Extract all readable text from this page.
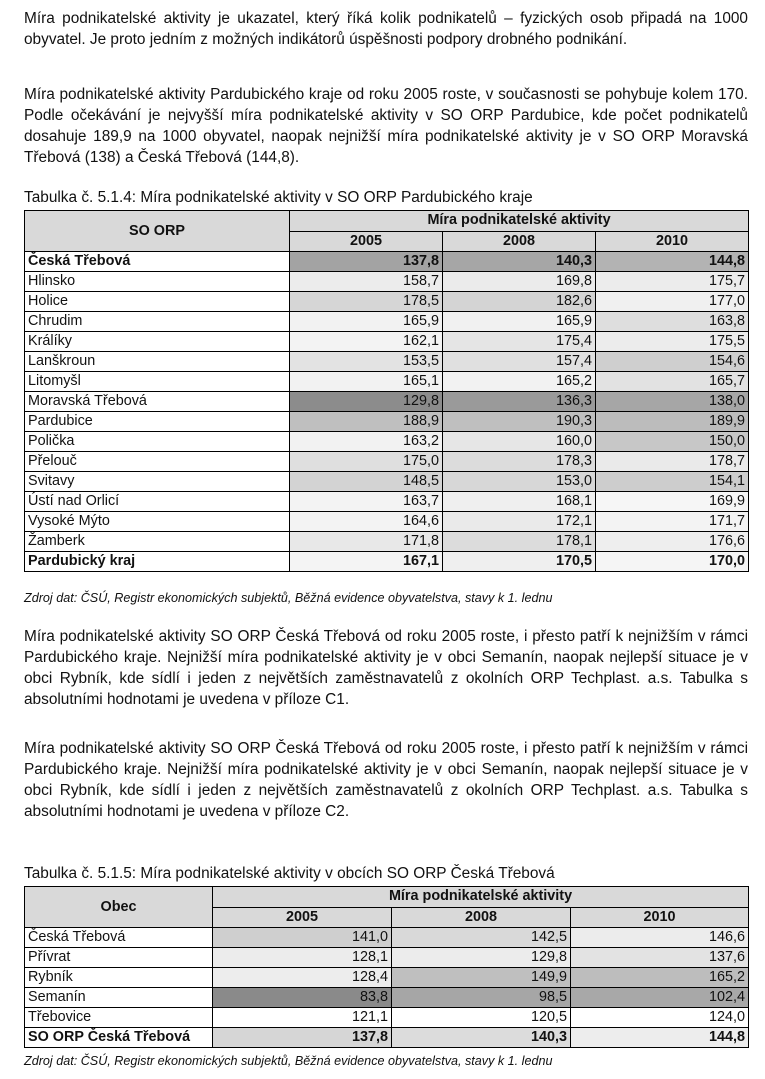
Míra podnikatelské aktivity je ukazatel, který říká kolik podnikatelů – fyzických osob připadá na 1000 obyvatel. Je proto jedním z možných indikátorů úspěšnosti podpory drobného podnikání.

Míra podnikatelské aktivity Pardubického kraje od roku 2005 roste, v současnosti se pohybuje kolem 170. Podle očekávání je nejvyšší míra podnikatelské aktivity v SO ORP Pardubice, kde počet podnikatelů dosahuje 189,9 na 1000 obyvatel, naopak nejnižší míra podnikatelské aktivity je v SO ORP Moravská Třebová (138) a Česká Třebová (144,8).

Tabulka č. 5.1.4: Míra podnikatelské aktivity v SO ORP Pardubického kraje

SO ORP	Míra podnikatelské aktivity		
	2005	2008	2010
Česká Třebová	137,8	140,3	144,8
Hlinsko	158,7	169,8	175,7
Holice	178,5	182,6	177,0
Chrudim	165,9	165,9	163,8
Králíky	162,1	175,4	175,5
Lanškroun	153,5	157,4	154,6
Litomyšl	165,1	165,2	165,7
Moravská Třebová	129,8	136,3	138,0
Pardubice	188,9	190,3	189,9
Polička	163,2	160,0	150,0
Přelouč	175,0	178,3	178,7
Svitavy	148,5	153,0	154,1
Ústí nad Orlicí	163,7	168,1	169,9
Vysoké Mýto	164,6	172,1	171,7
Žamberk	171,8	178,1	176,6
Pardubický kraj	167,1	170,5	170,0

Zdroj dat: ČSÚ, Registr ekonomických subjektů, Běžná evidence obyvatelstva, stavy k 1. lednu

Míra podnikatelské aktivity SO ORP Česká Třebová od roku 2005 roste, i přesto patří k nejnižším v rámci Pardubického kraje. Nejnižší míra podnikatelské aktivity je v obci Semanín, naopak nejlepší situace je v obci Rybník, kde sídlí i jeden z největších zaměstnavatelů z okolních ORP Techplast. a.s. Tabulka s absolutními hodnotami je uvedena v příloze C1.

Míra podnikatelské aktivity SO ORP Česká Třebová od roku 2005 roste, i přesto patří k nejnižším v rámci Pardubického kraje. Nejnižší míra podnikatelské aktivity je v obci Semanín, naopak nejlepší situace je v obci Rybník, kde sídlí i jeden z největších zaměstnavatelů z okolních ORP Techplast. a.s. Tabulka s absolutními hodnotami je uvedena v příloze C2.

Tabulka č. 5.1.5: Míra podnikatelské aktivity v obcích SO ORP Česká Třebová

Obec	Míra podnikatelské aktivity		
	2005	2008	2010
Česká Třebová	141,0	142,5	146,6
Přívrat	128,1	129,8	137,6
Rybník	128,4	149,9	165,2
Semanín	83,8	98,5	102,4
Třebovice	121,1	120,5	124,0
SO ORP Česká Třebová	137,8	140,3	144,8

Zdroj dat: ČSÚ, Registr ekonomických subjektů, Běžná evidence obyvatelstva, stavy k 1. lednu
